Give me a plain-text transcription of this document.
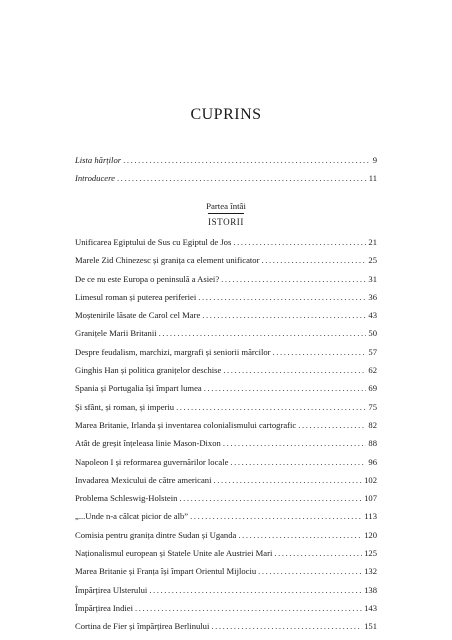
CUPRINS
Lista hărților .....	9
Introducere .....	11
Partea întâi
ISTORII
Unificarea Egiptului de Sus cu Egiptul de Jos .....	21
Marele Zid Chinezesc și granița ca element unificator .....	25
De ce nu este Europa o peninsulă a Asiei? .....	31
Limesul roman și puterea periferiei .....	36
Moștenirile lăsate de Carol cel Mare .....	43
Granițele Marii Britanii .....	50
Despre feudalism, marchizi, margrafi și seniorii mărcilor .....	57
Ginghis Han și politica granițelor deschise .....	62
Spania și Portugalia își împart lumea .....	69
Și sfânt, și roman, și imperiu .....	75
Marea Britanie, Irlanda și inventarea colonialismului cartografic .....	82
Atât de greșit înțeleasa linie Mason-Dixon .....	88
Napoleon I și reformarea guvernărilor locale .....	96
Invadarea Mexicului de către americani .....	102
Problema Schleswig-Holstein .....	107
„...Unde n-a călcat picior de alb” .....	113
Comisia pentru granița dintre Sudan și Uganda .....	120
Naționalismul european și Statele Unite ale Austriei Mari .....	125
Marea Britanie și Franța își împart Orientul Mijlociu .....	132
Împărțirea Ulsterului .....	138
Împărțirea Indiei .....	143
Cortina de Fier și împărțirea Berlinului .....	151
